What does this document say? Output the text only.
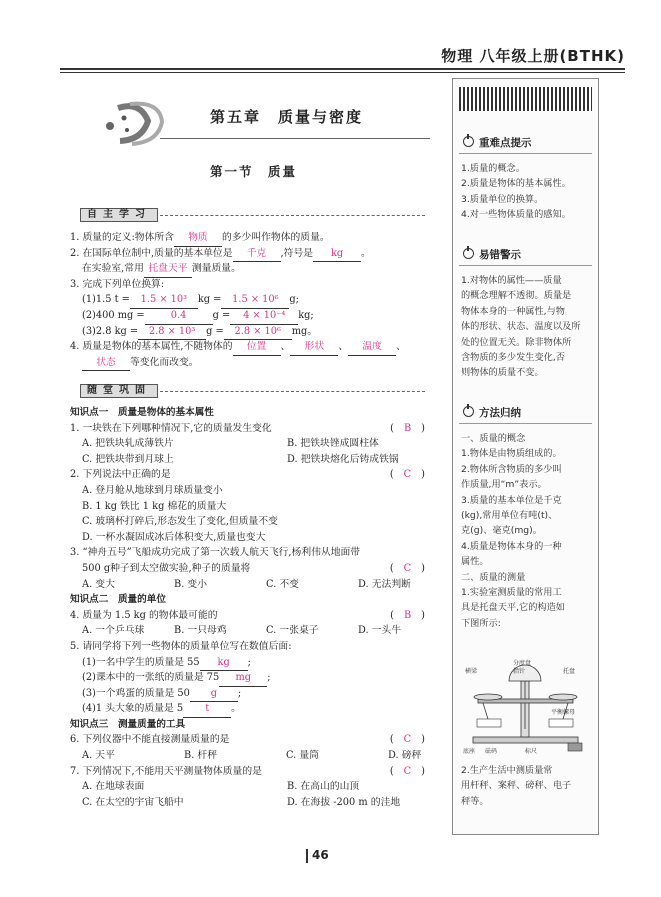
物理 八年级上册(BTHK)
第五章　质量与密度
第一节　质量
自主学习
1. 质量的定义:物体所含 物质 的多少叫作物体的质量。
2. 在国际单位制中,质量的基本单位是 千克 ,符号是 kg 。
在实验室,常用 托盘天平 测量质量。
3. 完成下列单位换算:
(1)1.5 t = 1.5 × 10³ kg = 1.5 × 10⁶ g;
(2)400 mg =	0.4	g = 4 × 10⁻⁴ kg;
(3)2.8 kg = 2.8 × 10³ g = 2.8 × 10⁶ mg。
4. 质量是物体的基本属性,不随物体的 位置 、 形状 、 温度 、
状态 等变化而改变。
随堂巩固
知识点一　质量是物体的基本属性
1. 一块铁在下列哪种情况下,它的质量发生变化	( B )
A. 把铁块轧成薄铁片	B. 把铁块锉成圆柱体
C. 把铁块带到月球上	D. 把铁块熔化后铸成铁锅
2. 下列说法中正确的是	( C )
A. 登月舱从地球到月球质量变小
B. 1 kg 铁比 1 kg 棉花的质量大
C. 玻璃杯打碎后,形态发生了变化,但质量不变
D. 一杯水凝固成冰后体积变大,质量也变大
3. “神舟五号”飞船成功完成了第一次载人航天飞行,杨利伟从地面带
500 g种子到太空做实验,种子的质量将	( C )
A. 变大	B. 变小	C. 不变	D. 无法判断
知识点二　质量的单位
4. 质量为 1.5 kg 的物体最可能的	( B )
A. 一个乒乓球	B. 一只母鸡	C. 一张桌子	D. 一头牛
5. 请同学将下列一些物体的质量单位写在数值后面:
(1)一名中学生的质量是 55 kg ;
(2)课本中的一张纸的质量是 75 mg ;
(3)一个鸡蛋的质量是 50 g ;
(4)1 头大象的质量是 5 t 。
知识点三　测量质量的工具
6. 下列仪器中不能直接测量质量的是	( C )
A. 天平	B. 杆秤	C. 量筒	D. 磅秤
7. 下列情况下,不能用天平测量物体质量的是	( C )
A. 在地球表面	B. 在高山的山顶
C. 在太空的宇宙飞船中	D. 在海拔 -200 m 的洼地
重难点提示
1.质量的概念。
2.质量是物体的基本属性。
3.质量单位的换算。
4.对一些物体质量的感知。
易错警示
1.对物体的属性——质量
的概念理解不透彻。质量是
物体本身的一种属性,与物
体的形状、状态、温度以及所
处的位置无关。除非物体所
含物质的多少发生变化,否
则物体的质量不变。
方法归纳
一、质量的概念
1.物体是由物质组成的。
2.物体所含物质的多少叫
作质量,用“m”表示。
3.质量的基本单位是千克
(kg),常用单位有吨(t)、
克(g)、毫克(mg)。
4.质量是物体本身的一种
属性。
二、质量的测量
1.实验室测质量的常用工
具是托盘天平,它的构造如
下图所示:
横梁
分度盘
指针	托盘
平衡螺母
底座 砝码	标尺
2.生产生活中测质量常
用杆秤、案秤、磅秤、电子
秤等。
46
